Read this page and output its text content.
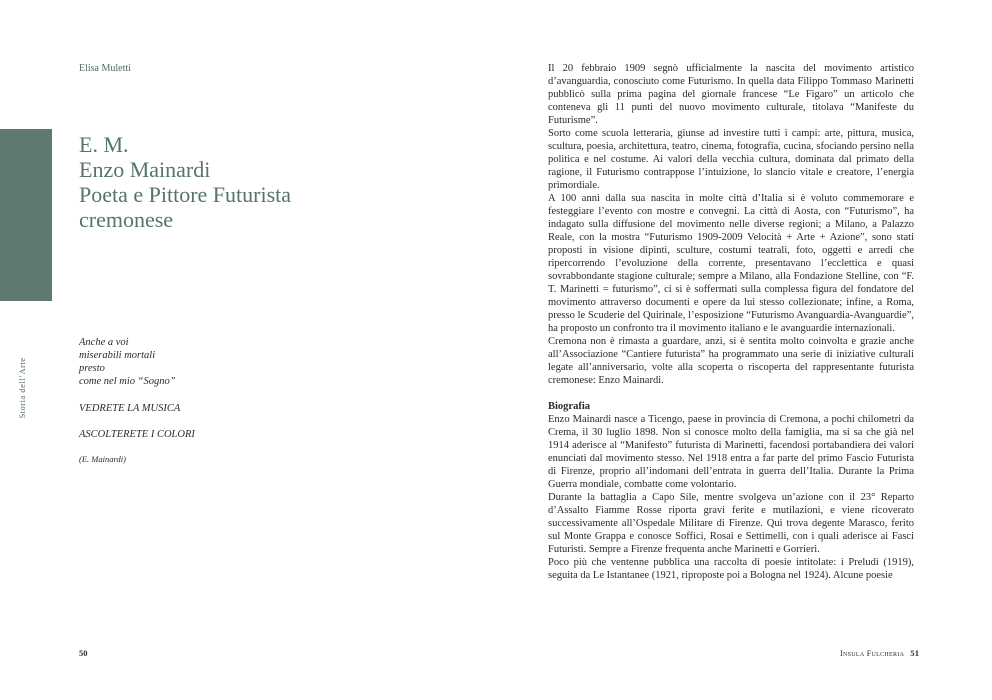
Elisa Muletti
E. M.
Enzo Mainardi
Poeta e Pittore Futurista
cremonese
Storia dell’Arte
Anche a voi
miserabili mortali
presto
come nel mio “Sogno”
VEDRETE LA MUSICA
ASCOLTERETE I COLORI
(E. Mainardi)
50

Il 20 febbraio 1909 segnò ufficialmente la nascita del movimento artistico d’avanguardia, conosciuto come Futurismo. In quella data Filippo Tommaso Marinetti pubblicò sulla prima pagina del giornale francese “Le Figaro” un articolo che conteneva gli 11 punti del nuovo movimento culturale, titolava “Manifeste du Futurisme”.

Sorto come scuola letteraria, giunse ad investire tutti i campi: arte, pittura, musica, scultura, poesia, architettura, teatro, cinema, fotografia, cucina, sfociando persino nella politica e nel costume. Ai valori della vecchia cultura, dominata dal primato della ragione, il Futurismo contrappose l’intuizione, lo slancio vitale e creatore, l’energia primordiale.

A 100 anni dalla sua nascita in molte città d’Italia si è voluto commemorare e festeggiare l’evento con mostre e convegni. La città di Aosta, con “Futurismo”, ha indagato sulla diffusione del movimento nelle diverse regioni; a Milano, a Palazzo Reale, con la mostra “Futurismo 1909-2009 Velocità + Arte + Azione”, sono stati proposti in visione dipinti, sculture, costumi teatrali, foto, oggetti e arredi che ripercorrendo l’evoluzione della corrente, presentavano l’ecclettica e quasi sovrabbondante stagione culturale; sempre a Milano, alla Fondazione Stelline, con “F. T. Marinetti = futurismo”, ci si è soffermati sulla complessa figura del fondatore del movimento attraverso documenti e opere da lui stesso collezionate; infine, a Roma, presso le Scuderie del Quirinale, l’esposizione “Futurismo Avanguardia-Avanguardie”, ha proposto un confronto tra il movimento italiano e le avanguardie internazionali.

Cremona non è rimasta a guardare, anzi, si è sentita molto coinvolta e grazie anche all’Associazione “Cantiere futurista” ha programmato una serie di iniziative culturali legate all’anniversario, volte alla scoperta o riscoperta del rappresentante futurista cremonese: Enzo Mainardi.

Biografia

Enzo Mainardi nasce a Ticengo, paese in provincia di Cremona, a pochi chilometri da Crema, il 30 luglio 1898. Non si conosce molto della famiglia, ma si sa che già nel 1914 aderisce al “Manifesto” futurista di Marinetti, facendosi portabandiera dei valori enunciati dal movimento stesso. Nel 1918 entra a far parte del primo Fascio Futurista di Firenze, proprio all’indomani dell’entrata in guerra dell’Italia. Durante la Prima Guerra mondiale, combatte come volontario.

Durante la battaglia a Capo Sile, mentre svolgeva un’azione con il 23° Reparto d’Assalto Fiamme Rosse riporta gravi ferite e mutilazioni, e viene ricoverato successivamente all’Ospedale Militare di Firenze. Qui trova degente Marasco, ferito sul Monte Grappa e conosce Soffici, Rosai e Settimelli, con i quali aderisce ai Fasci Futuristi. Sempre a Firenze frequenta anche Marinetti e Gorrieri.

Poco più che ventenne pubblica una raccolta di poesie intitolate: i Preludi (1919), seguita da Le Istantanee (1921, riproposte poi a Bologna nel 1924). Alcune poesie

Insula Fulcheria 51
